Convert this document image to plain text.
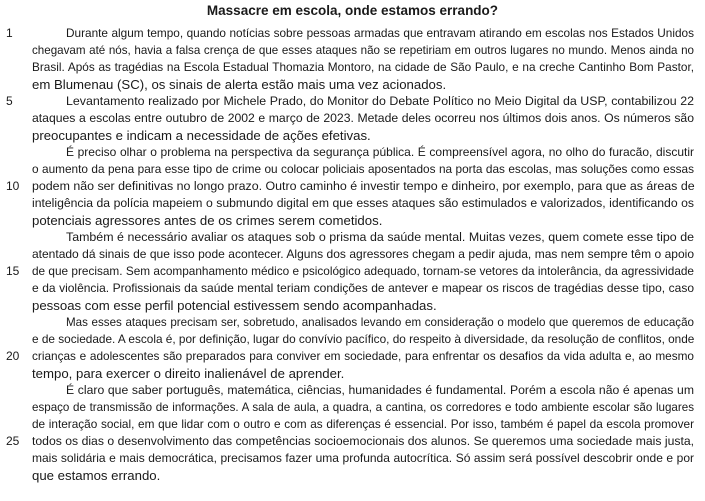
Massacre em escola, onde estamos errando?
1	Durante algum tempo, quando notícias sobre pessoas armadas que entravam atirando em escolas nos Estados Unidos
chegavam até nós, havia a falsa crença de que esses ataques não se repetiriam em outros lugares no mundo. Menos ainda no
Brasil. Após as tragédias na Escola Estadual Thomazia Montoro, na cidade de São Paulo, e na creche Cantinho Bom Pastor,
em Blumenau (SC), os sinais de alerta estão mais uma vez acionados.
5	Levantamento realizado por Michele Prado, do Monitor do Debate Político no Meio Digital da USP, contabilizou 22
ataques a escolas entre outubro de 2002 e março de 2023. Metade deles ocorreu nos últimos dois anos. Os números são
preocupantes e indicam a necessidade de ações efetivas.
É preciso olhar o problema na perspectiva da segurança pública. É compreensível agora, no olho do furacão, discutir
o aumento da pena para esse tipo de crime ou colocar policiais aposentados na porta das escolas, mas soluções como essas
10 podem não ser definitivas no longo prazo. Outro caminho é investir tempo e dinheiro, por exemplo, para que as áreas de
inteligência da polícia mapeiem o submundo digital em que esses ataques são estimulados e valorizados, identificando os
potenciais agressores antes de os crimes serem cometidos.
Também é necessário avaliar os ataques sob o prisma da saúde mental. Muitas vezes, quem comete esse tipo de
atentado dá sinais de que isso pode acontecer. Alguns dos agressores chegam a pedir ajuda, mas nem sempre têm o apoio
15 de que precisam. Sem acompanhamento médico e psicológico adequado, tornam-se vetores da intolerância, da agressividade
e da violência. Profissionais da saúde mental teriam condições de antever e mapear os riscos de tragédias desse tipo, caso
pessoas com esse perfil potencial estivessem sendo acompanhadas.
Mas esses ataques precisam ser, sobretudo, analisados levando em consideração o modelo que queremos de educação
e de sociedade. A escola é, por definição, lugar do convívio pacífico, do respeito à diversidade, da resolução de conflitos, onde
20 crianças e adolescentes são preparados para conviver em sociedade, para enfrentar os desafios da vida adulta e, ao mesmo
tempo, para exercer o direito inalienável de aprender.
É claro que saber português, matemática, ciências, humanidades é fundamental. Porém a escola não é apenas um
espaço de transmissão de informações. A sala de aula, a quadra, a cantina, os corredores e todo ambiente escolar são lugares
de interação social, em que lidar com o outro e com as diferenças é essencial. Por isso, também é papel da escola promover
25 todos os dias o desenvolvimento das competências socioemocionais dos alunos. Se queremos uma sociedade mais justa,
mais solidária e mais democrática, precisamos fazer uma profunda autocrítica. Só assim será possível descobrir onde e por
que estamos errando.
